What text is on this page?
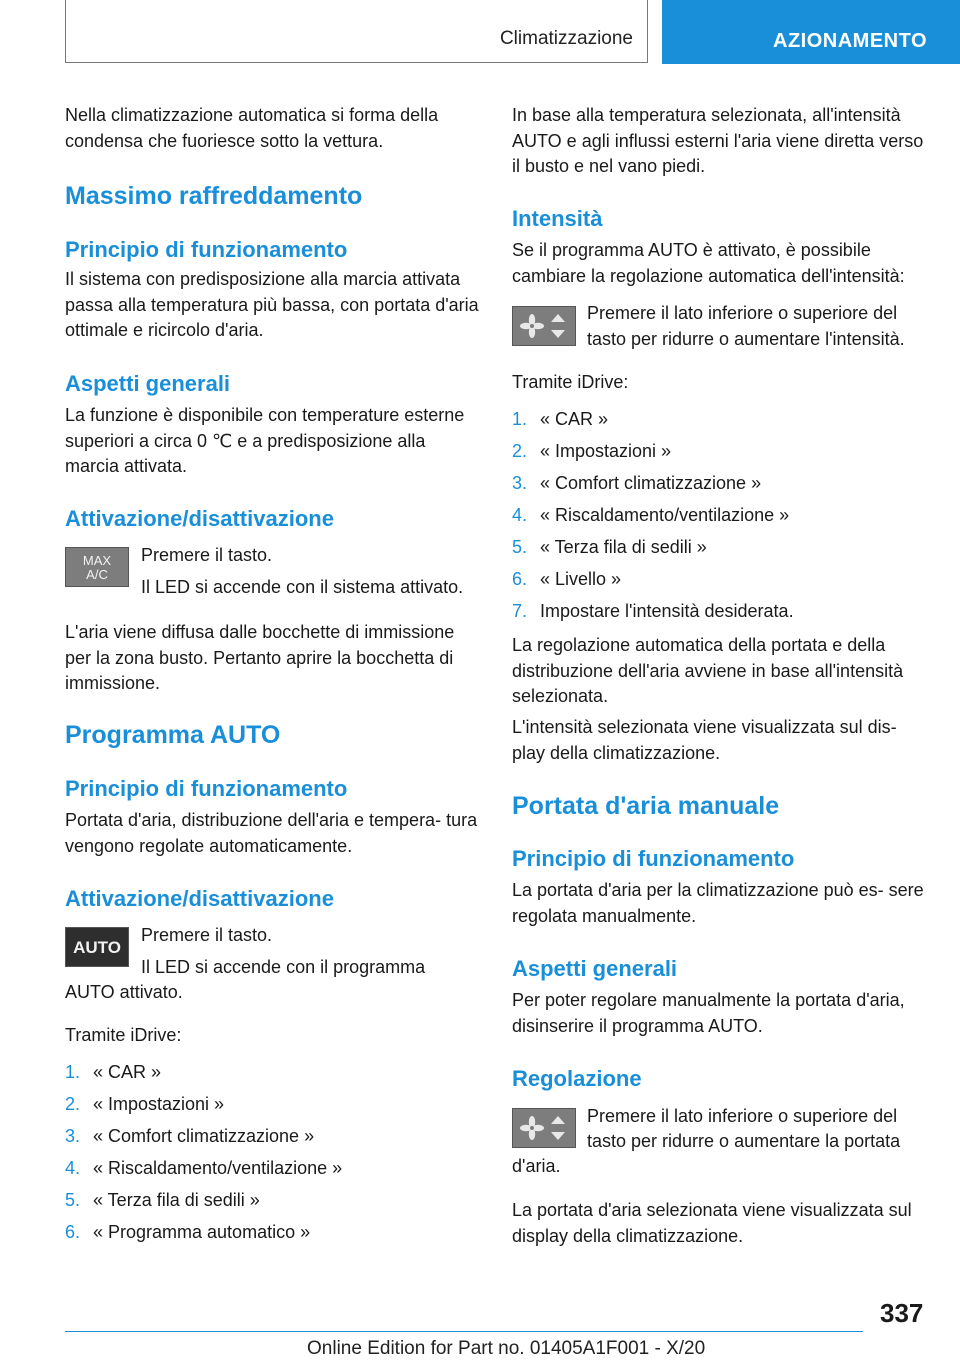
Climatizzazione	AZIONAMENTO

Nella climatizzazione automatica si forma della condensa che fuoriesce sotto la vettura.

Massimo raffreddamento
Principio di funzionamento

Il sistema con predisposizione alla marcia attivata passa alla temperatura più bassa, con portata d'aria ottimale e ricircolo d'aria.

Aspetti generali

La funzione è disponibile con temperature esterne superiori a circa 0 ℃ e a predisposizione alla marcia attivata.

Attivazione/disattivazione
MAX
A/C

Premere il tasto.

Il LED si accende con il sistema attivato.

L'aria viene diffusa dalle bocchette di immissione per la zona busto. Pertanto aprire la bocchetta di immissione.

Programma AUTO
Principio di funzionamento

Portata d'aria, distribuzione dell'aria e tempera‐ tura vengono regolate automaticamente.

Attivazione/disattivazione
AUTO

Premere il tasto.

Il LED si accende con il programma

AUTO attivato.

Tramite iDrive:

1. « CAR »
2. « Impostazioni »
3. « Comfort climatizzazione »
4. « Riscaldamento/ventilazione »
5. « Terza fila di sedili »
6. « Programma automatico »

In base alla temperatura selezionata, all'intensità AUTO e agli influssi esterni l'aria viene diretta verso il busto e nel vano piedi.

Intensità

Se il programma AUTO è attivato, è possibile cambiare la regolazione automatica dell'intensità:

Premere il lato inferiore o superiore del

tasto per ridurre o aumentare l'intensità.

Tramite iDrive:

1. « CAR »
2. « Impostazioni »
3. « Comfort climatizzazione »
4. « Riscaldamento/ventilazione »
5. « Terza fila di sedili »
6. « Livello »
7. Impostare l'intensità desiderata.

La regolazione automatica della portata e della distribuzione dell'aria avviene in base all'intensità selezionata.

L'intensità selezionata viene visualizzata sul dis‐ play della climatizzazione.

Portata d'aria manuale
Principio di funzionamento

La portata d'aria per la climatizzazione può es‐ sere regolata manualmente.

Aspetti generali

Per poter regolare manualmente la portata d'aria, disinserire il programma AUTO.

Regolazione

Premere il lato inferiore o superiore del

tasto per ridurre o aumentare la portata

d'aria.

La portata d'aria selezionata viene visualizzata sul display della climatizzazione.

337
Online Edition for Part no. 01405A1F001 - X/20
